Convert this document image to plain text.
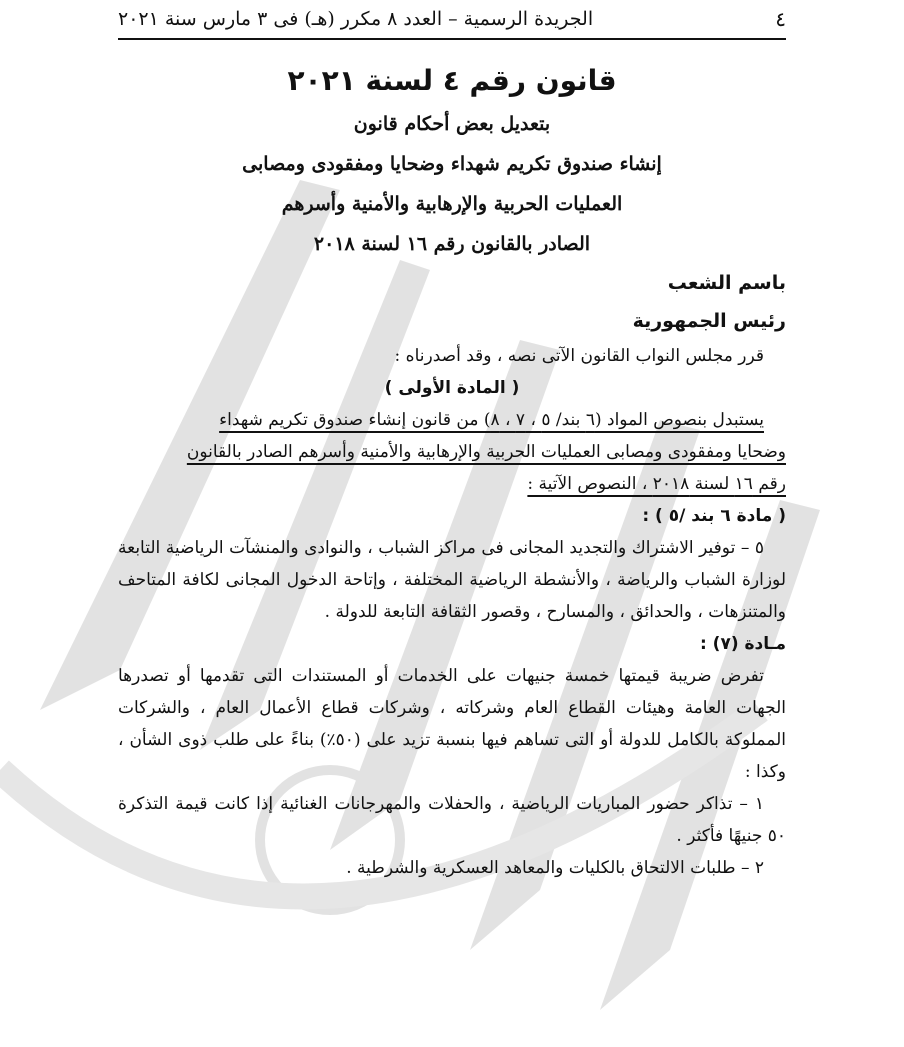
٤
الجريدة الرسمية – العدد ٨ مكرر (هـ) فى ٣ مارس سنة ٢٠٢١

قانون رقم ٤ لسنة ٢٠٢١

بتعديل بعض أحكام قانون

إنشاء صندوق تكريم شهداء وضحايا ومفقودى ومصابى

العمليات الحربية والإرهابية والأمنية وأسرهم

الصادر بالقانون رقم ١٦ لسنة ٢٠١٨

باسم الشعب
رئيس الجمهورية

قرر مجلس النواب القانون الآتى نصه ، وقد أصدرناه :

( المادة الأولى )

يستبدل بنصوص المواد (٦ بند/ ٥ ، ٧ ، ٨) من قانون إنشاء صندوق تكريم شهداء

وضحايا ومفقودى ومصابى العمليات الحربية والإرهابية والأمنية وأسرهم الصادر بالقانون

رقم ١٦ لسنة ٢٠١٨ ، النصوص الآتية :

( مادة ٦ بند /٥ ) :

٥ – توفير الاشتراك والتجديد المجانى فى مراكز الشباب ، والنوادى والمنشآت الرياضية التابعة لوزارة الشباب والرياضة ، والأنشطة الرياضية المختلفة ، وإتاحة الدخول المجانى لكافة المتاحف والمتنزهات ، والحدائق ، والمسارح ، وقصور الثقافة التابعة للدولة .

مـادة (٧) :

تفرض ضريبة قيمتها خمسة جنيهات على الخدمات أو المستندات التى تقدمها أو تصدرها الجهات العامة وهيئات القطاع العام وشركاته ، وشركات قطاع الأعمال العام ، والشركات المملوكة بالكامل للدولة أو التى تساهم فيها بنسبة تزيد على (٥٠٪) بناءً على طلب ذوى الشأن ، وكذا :

١ – تذاكر حضور المباريات الرياضية ، والحفلات والمهرجانات الغنائية إذا كانت قيمة التذكرة ٥٠ جنيهًا فأكثر .

٢ – طلبات الالتحاق بالكليات والمعاهد العسكرية والشرطية .
